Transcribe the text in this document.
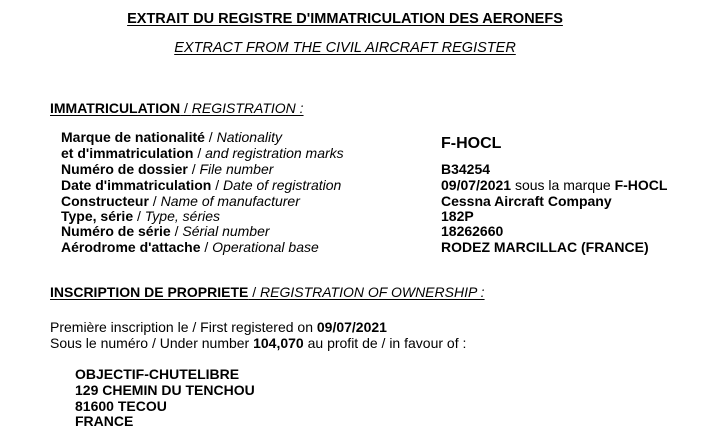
EXTRAIT DU REGISTRE D'IMMATRICULATION DES AERONEFS
EXTRACT FROM THE CIVIL AIRCRAFT REGISTER
IMMATRICULATION / REGISTRATION :
Marque de nationalité / Nationality
et d'immatriculation / and registration marks
F-HOCL
Numéro de dossier / File number	B34254
Date d'immatriculation / Date of registration	09/07/2021 sous la marque F-HOCL
Constructeur / Name of manufacturer	Cessna Aircraft Company
Type, série / Type, séries	182P
Numéro de série / Sérial number	18262660
Aérodrome d'attache / Operational base	RODEZ MARCILLAC (FRANCE)
INSCRIPTION DE PROPRIETE / REGISTRATION OF OWNERSHIP :
Première inscription le / First registered on 09/07/2021
Sous le numéro / Under number 104,070 au profit de / in favour of :
OBJECTIF-CHUTELIBRE
129 CHEMIN DU TENCHOU
81600 TECOU
FRANCE
